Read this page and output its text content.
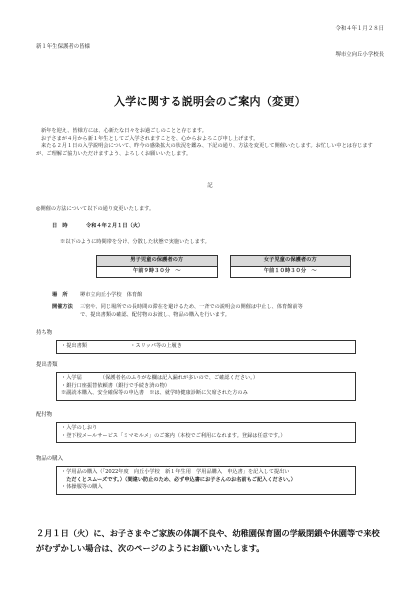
令和４年１月２８日
新１年生保護者の皆様
堺市立向丘小学校長
入学に関する説明会のご案内（変更）

新年を迎え、皆様方には、心新たな日々をお過ごしのことと存じます。

お子さまが４月から新１年生としてご入学されますことを、心からおよろこび申し上げます。

来たる２月１日の入学説明会について、昨今の感染拡大の状況を鑑み、下記の通り、方法を変更して開催いたします。お忙しい中とは存じますが、ご理解ご協力いただけますよう、よろしくお願いいたします。

記
◎開催の方法について以下の通り変更いたします。
日　時	令和４年２月１日（火）
※以下のように時間帯を分け、分散した状態で実施いたします。
男子児童の保護者の方		女子児童の保護者の方
午前９時３０分　～		午前１０時３０分　～
場　所	堺市立向丘小学校　体育館
開催方法	三密や、同じ場所での長時間の滞在を避けるため、一斉での説明会の開催は中止し、体育館前等
で、提出書類の確認、配付物のお渡し、物品の購入を行います。
持ち物
・提出書類	・スリッパ等の上履き
提出書類
・入学届　　　　（保護者名のふりがな欄は記入漏れが多いので、ご確認ください。）
・銀行口座振替依頼書（銀行で手続き済の物）
※副読本購入、安全確保等の申込書　※は、就学時健康診断に欠席された方のみ
配付物
・入学のしおり
・登下校メールサービス「ミマモルメ」のご案内（本校でご利用になれます。登録は任意です。）
物品の購入
・学用品の購入（「2022年度　向丘小学校　新１年生用　学用品購入　申込書」を記入して提出い
　ただくとスムーズです。）（間違い防止のため、必ず申込書にお子さんのお名前もご記入ください。）
・体操服等の購入
２月１日（火）に、お子さまやご家族の体調不良や、幼稚園保育園の学級閉鎖や休園等で来校がむずかしい場合は、次のページのようにお願いいたします。
